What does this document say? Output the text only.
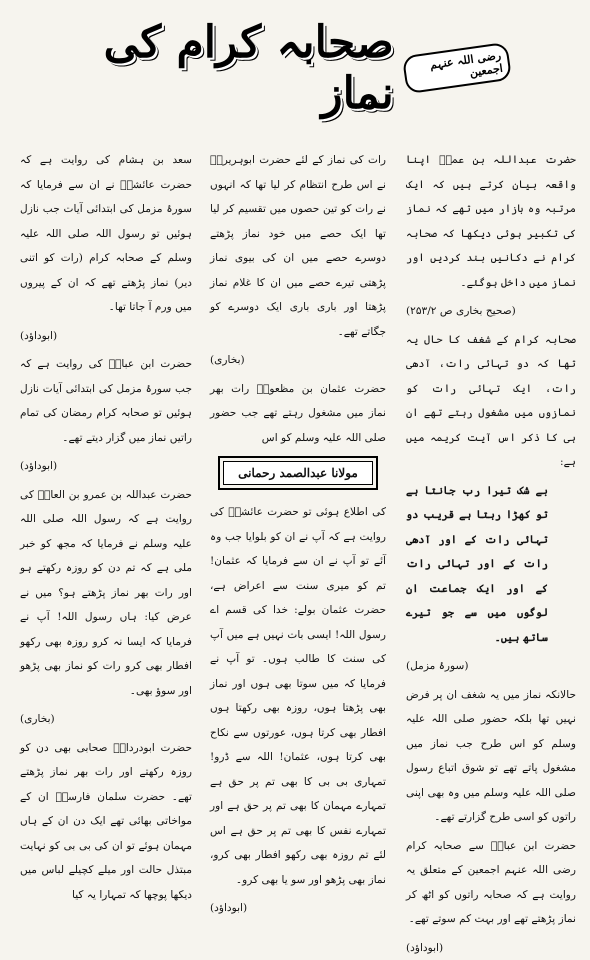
صحابہ کرام کی نماز
رضی اللہ عنہم اجمعین

حضرت عبداللہ بن عمرؓ اپنا واقعہ بیان کرتے ہیں کہ ایک مرتبہ وہ بازار میں تھے کہ نماز کی تکبیر ہوئی دیکھا کہ صحابہ کرام نے دکانیں بند کردیں اور نماز میں داخل ہوگئے۔

(صحیح بخاری ص ۲۵۳/۲)

صحابہ کرام کے شغف کا حال یہ تھا کہ دو تہائی رات، آدھی رات، ایک تہائی رات کو نمازوں میں مشغول رہتے تھے ان ہی کا ذکر اس آیت کریمہ میں ہے:

بے شک تیرا رب جانتا ہے تو کھڑا رہتا ہے قریب دو تہائی رات کے اور آدھی رات کے اور تہائی رات کے اور ایک جماعت ان لوگوں میں سے جو تیرے ساتھ ہیں۔

(سورۂ مزمل)

حالانکہ نماز میں یہ شغف ان پر فرض نہیں تھا بلکہ حضور صلی اللہ علیہ وسلم کو اس طرح جب نماز میں مشغول پاتے تھے تو شوق اتباع رسول صلی اللہ علیہ وسلم میں وہ بھی اپنی راتوں کو اسی طرح گزارتے تھے۔

حضرت ابن عباسؓ سے صحابہ کرام رضی اللہ عنہم اجمعین کے متعلق یہ روایت ہے کہ صحابہ راتوں کو اٹھ کر نماز پڑھتے تھے اور بہت کم سوتے تھے۔

(ابوداؤد)

رات کی نماز کے لئے حضرت ابوہریرہؓ نے اس طرح انتظام کر لیا تھا کہ انہوں نے رات کو تین حصوں میں تقسیم کر لیا تھا ایک حصے میں خود نماز پڑھتے دوسرے حصے میں ان کی بیوی نماز پڑھتی تیرے حصے میں ان کا غلام نماز پڑھتا اور باری باری ایک دوسرے کو جگاتے تھے۔

(بخاری)

حضرت عثمان بن مظعونؓ رات بھر نماز میں مشغول رہتے تھے جب حضور صلی اللہ علیہ وسلم کو اس

مولانا عبدالصمد رحمانی

کی اطلاع ہوئی تو حضرت عائشہؓ کی روایت ہے کہ آپ نے ان کو بلوایا جب وہ آئے تو آپ نے ان سے فرمایا کہ عثمان! تم کو میری سنت سے اعراض ہے، حضرت عثمان بولے: خدا کی قسم اے رسول اللہ! ایسی بات نہیں ہے میں آپ کی سنت کا طالب ہوں۔ تو آپ نے فرمایا کہ میں سوتا بھی ہوں اور نماز بھی پڑھتا ہوں، روزہ بھی رکھتا ہوں افطار بھی کرتا ہوں، عورتوں سے نکاح بھی کرتا ہوں، عثمان! اللہ سے ڈرو! تمہاری بی بی کا بھی تم پر حق ہے تمہارے مہمان کا بھی تم پر حق ہے اور تمہارے نفس کا بھی تم پر حق ہے اس لئے تم روزہ بھی رکھو افطار بھی کرو، نماز بھی پڑھو اور سو یا بھی کرو۔

(ابوداؤد)

سعد بن ہشام کی روایت ہے کہ حضرت عائشہؓ نے ان سے فرمایا کہ سورۂ مزمل کی ابتدائی آیات جب نازل ہوئیں تو رسول اللہ صلی اللہ علیہ وسلم کے صحابہ کرام (رات کو اتنی دیر) نماز پڑھتے تھے کہ ان کے پیروں میں ورم آ جاتا تھا۔

(ابوداؤد)

حضرت ابن عباسؓ کی روایت ہے کہ جب سورۂ مزمل کی ابتدائی آیات نازل ہوئیں تو صحابہ کرام رمضان کی تمام راتیں نماز میں گزار دیتے تھے۔

(ابوداؤد)

حضرت عبداللہ بن عمرو بن العاصؓ کی روایت ہے کہ رسول اللہ صلی اللہ علیہ وسلم نے فرمایا کہ مجھ کو خبر ملی ہے کہ تم دن کو روزہ رکھتے ہو اور رات بھر نماز پڑھتے ہو؟ میں نے عرض کیا: ہاں رسول اللہ! آپ نے فرمایا کہ ایسا نہ کرو روزہ بھی رکھو افطار بھی کرو رات کو نماز بھی پڑھو اور سوؤ بھی۔

(بخاری)

حضرت ابودرداءؓ صحابی بھی دن کو روزہ رکھتے اور رات بھر نماز پڑھتے تھے۔ حضرت سلمان فارسیؓ ان کے مواخاتی بھائی تھے ایک دن ان کے ہاں مہمان ہوئے تو ان کی بی بی کو نہایت مبتذل حالت اور میلے کچیلے لباس میں دیکھا پوچھا کہ تمہارا یہ کیا
